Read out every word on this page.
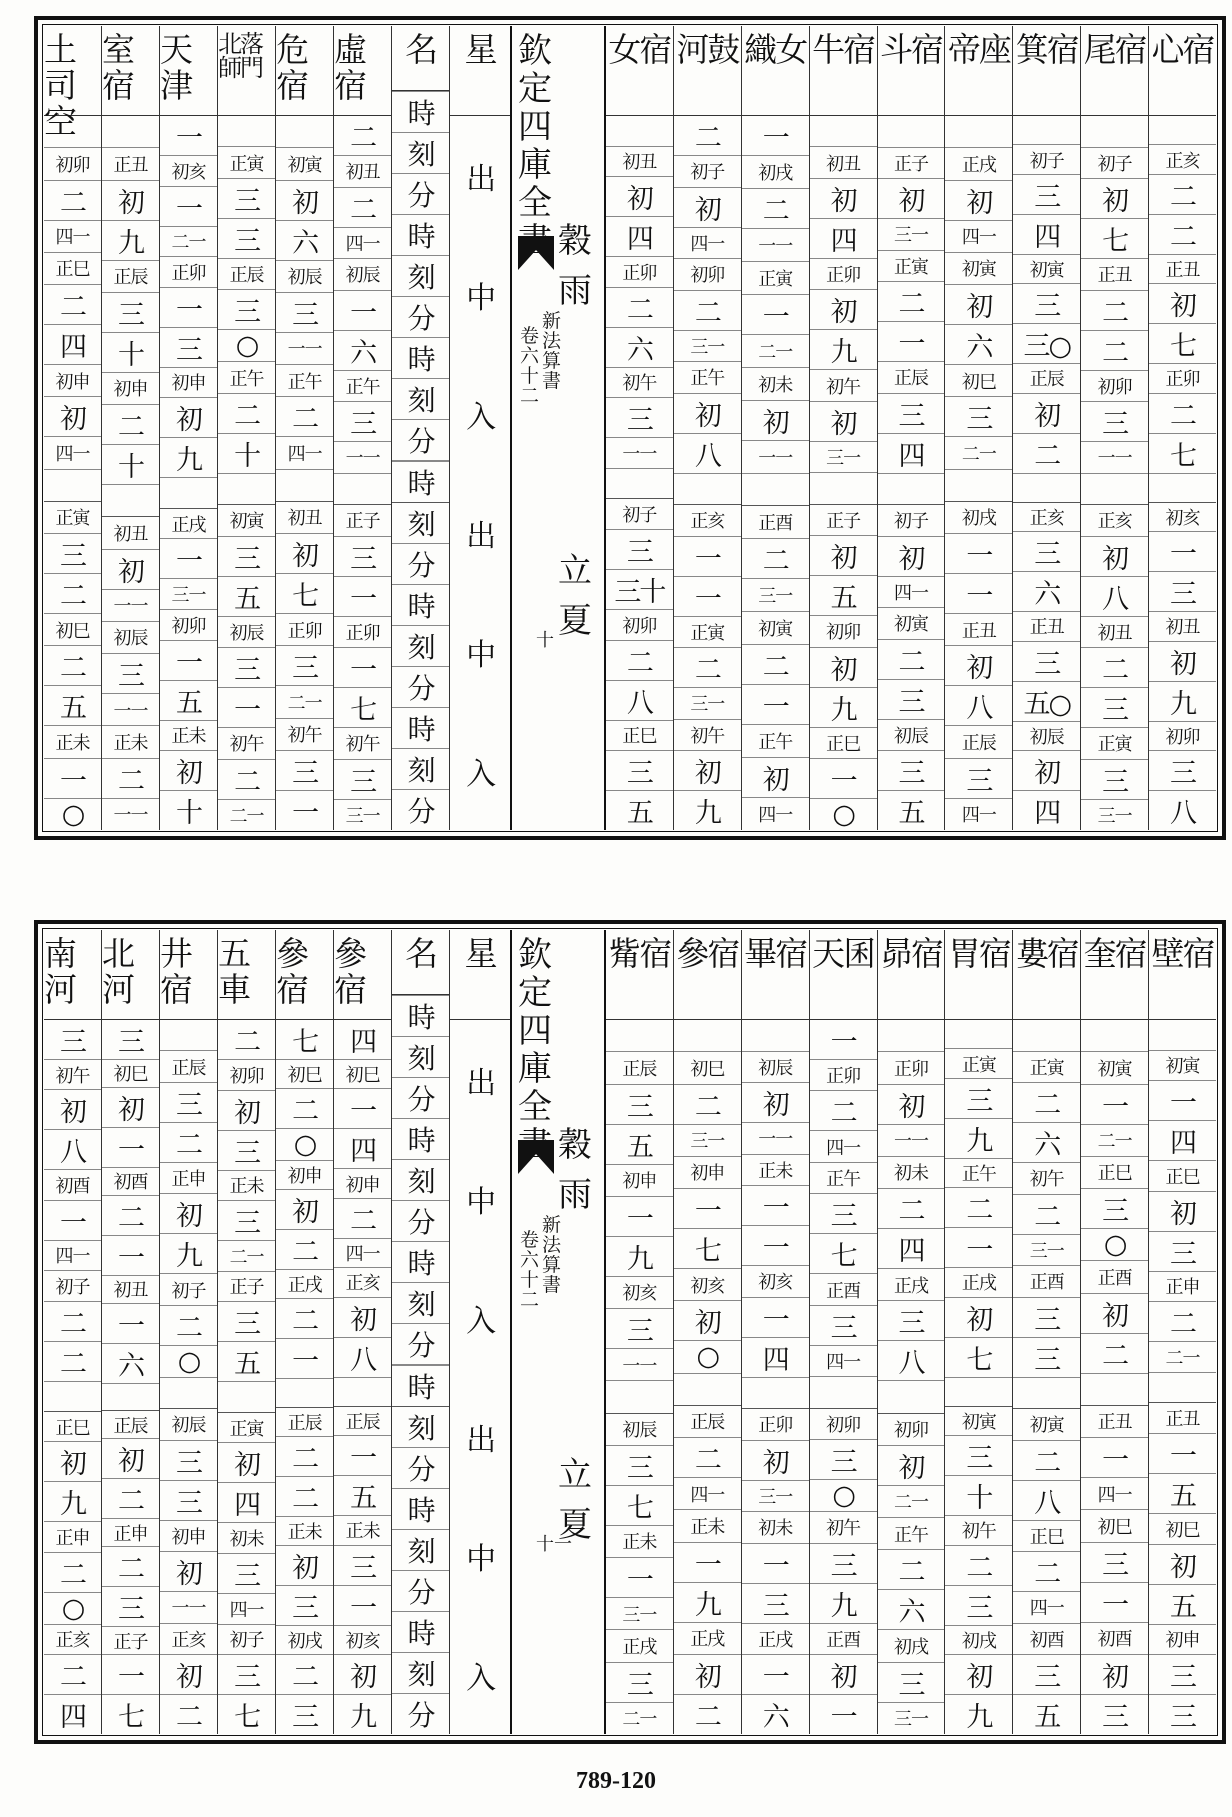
星
出
中
入
出
中
入
名
時
刻
分
時
刻
分
時
刻
分
時
刻
分
時
刻
分
時
刻
分
虛宿
二
初丑
二
四一
初辰
一
六
正午
三
一一
正子
三
一
正卯
一
七
初午
三
三一
危宿
初寅
初
六
初辰
三
一一
正午
二
四一
初丑
初
七
正卯
三
二一
初午
三
一
北落師門
正寅
三
三
正辰
三
○
正午
二
十
初寅
三
五
初辰
三
一
初午
二
二一
天津
一
初亥
一
二一
正卯
一
三
初申
初
九
正戌
一
三一
初卯
一
五
正未
初
十
室宿
正丑
初
九
正辰
三
十
初申
二
十
初丑
初
一一
初辰
三
一一
正未
二
一一
土司空
初卯
二
四一
正巳
二
四
初申
初
四一
正寅
三
二
初巳
二
五
正未
一
○
欽
定
四
庫
全
新
法
算
書
卷
六
十
二
穀
雨
立
夏
十
心宿
正亥
二
二
正丑
初
七
正卯
二
七
初亥
一
三
初丑
初
九
初卯
三
八
尾宿
初子
初
七
正丑
二
二
初卯
三
一一
正亥
初
八
初丑
二
三
正寅
三
三一
箕宿
初子
三
四
初寅
三
三○
正辰
初
二
正亥
三
六
正丑
三
五○
初辰
初
四
帝座
正戌
初
四一
初寅
初
六
初巳
三
二一
初戌
一
一
正丑
初
八
正辰
三
四一
斗宿
正子
初
三一
正寅
二
一
正辰
三
四
初子
初
四一
初寅
二
三
初辰
三
五
牛宿
初丑
初
四
正卯
初
九
初午
初
三一
正子
初
五
初卯
初
九
正巳
一
○
織女
一
初戌
二
一一
正寅
一
二一
初未
初
一一
正酉
二
三一
初寅
二
一
正午
初
四一
河鼓
二
初子
初
四一
初卯
二
三一
正午
初
八
正亥
一
一
正寅
二
三一
初午
初
九
女宿
初丑
初
四
正卯
二
六
初午
三
一一
初子
三
三十
初卯
二
八
正巳
三
五
星
出
中
入
出
中
入
名
時
刻
分
時
刻
分
時
刻
分
時
刻
分
時
刻
分
時
刻
分
參宿
四
初巳
一
四
初申
二
四一
正亥
初
八
正辰
一
五
正未
三
一
初亥
初
九
參宿
七
初巳
二
○
初申
初
二
正戌
二
一
正辰
二
二
正未
初
三
初戌
二
三
五車
二
初卯
初
三
正未
三
二一
正子
三
五
正寅
初
四
初未
三
四一
初子
三
七
井宿
正辰
三
二
正申
初
九
初子
二
○
初辰
三
三
初申
初
一一
正亥
初
二
北河
三
初巳
初
一
初酉
二
一
初丑
一
六
正辰
初
二
正申
二
三
正子
一
七
南河
三
初午
初
八
初酉
一
四一
初子
二
二
正巳
初
九
正申
二
○
正亥
二
四
欽
定
四
庫
全
新
法
算
書
卷
六
十
二
穀
雨
立
夏
十一
壁宿
初寅
一
四
正巳
初
三
正申
二
二一
正丑
一
五
初巳
初
五
初申
三
三
奎宿
初寅
一
二一
正巳
三
○
正酉
初
二
正丑
一
四一
初巳
三
一
初酉
初
三
婁宿
正寅
二
六
初午
二
三一
正酉
三
三
初寅
二
八
正巳
二
四一
初酉
三
五
胃宿
正寅
三
九
正午
二
一
正戌
初
七
初寅
三
十
初午
二
三
初戌
初
九
昴宿
正卯
初
一一
初未
二
四
正戌
三
八
初卯
初
二一
正午
二
六
初戌
三
三一
天囷
一
正卯
二
四一
正午
三
七
正酉
三
四一
初卯
三
○
初午
三
九
正酉
初
一
畢宿
初辰
初
一一
正未
一
一
初亥
一
四
正卯
初
三一
初未
一
三
正戌
一
六
參宿
初巳
二
三一
初申
一
七
初亥
初
○
正辰
二
四一
正未
一
九
正戌
初
二
觜宿
正辰
三
五
初申
一
九
初亥
三
一一
初辰
三
七
正未
一
三一
正戌
三
二一
789-120
